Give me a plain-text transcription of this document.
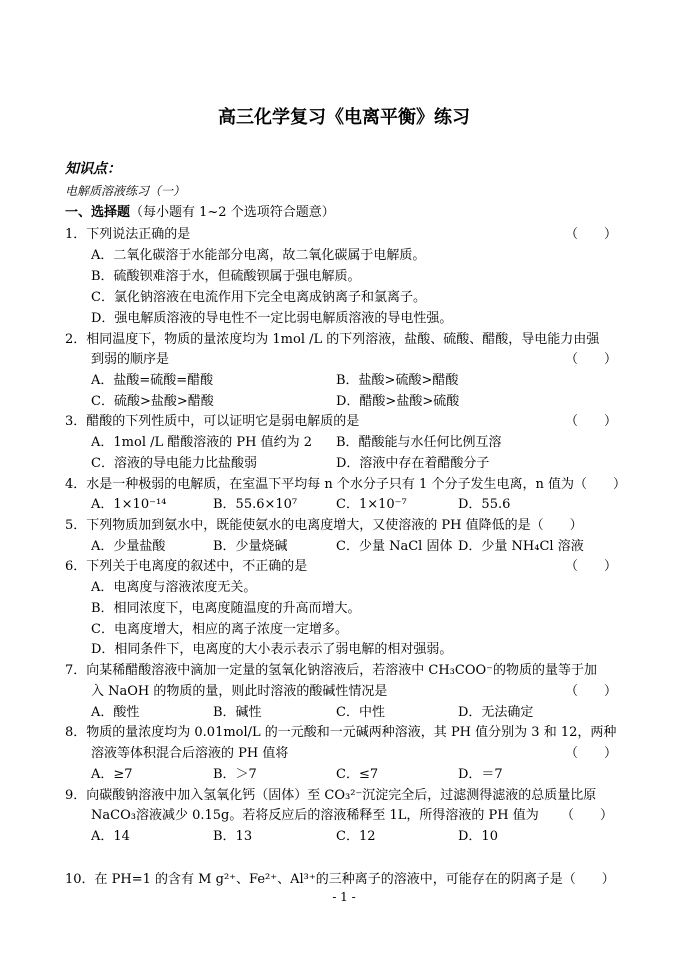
高三化学复习《电离平衡》练习
知识点：
电解质溶液练习（一）
一、选择题（每小题有 1~2 个选项符合题意）
1．下列说法正确的是	（　　）
A．二氧化碳溶于水能部分电离，故二氧化碳属于电解质。
B．硫酸钡难溶于水，但硫酸钡属于强电解质。
C．氯化钠溶液在电流作用下完全电离成钠离子和氯离子。
D．强电解质溶液的导电性不一定比弱电解质溶液的导电性强。
2．相同温度下，物质的量浓度均为 1mol /L 的下列溶液，盐酸、硫酸、醋酸，导电能力由强
到弱的顺序是	（　　）
A．盐酸=硫酸=醋酸	B．盐酸>硫酸>醋酸
C．硫酸>盐酸>醋酸	D．醋酸>盐酸>硫酸
3．醋酸的下列性质中，可以证明它是弱电解质的是	（　　）
A．1mol /L 醋酸溶液的 PH 值约为 2 B．醋酸能与水任何比例互溶
C．溶液的导电能力比盐酸弱	D．溶液中存在着醋酸分子
4．水是一种极弱的电解质，在室温下平均每 n 个水分子只有 1 个分子发生电离，n 值为（　　）
A．1×10⁻¹⁴	B．55.6×10⁷	C．1×10⁻⁷	D．55.6
5．下列物质加到氨水中，既能使氨水的电离度增大，又使溶液的 PH 值降低的是（　　）
A．少量盐酸	B．少量烧碱	C．少量 NaCl 固体 D．少量 NH₄Cl 溶液
6．下列关于电离度的叙述中，不正确的是	（　　）
A．电离度与溶液浓度无关。
B．相同浓度下，电离度随温度的升高而增大。
C．电离度增大，相应的离子浓度一定增多。
D．相同条件下，电离度的大小表示表示了弱电解的相对强弱。
7．向某稀醋酸溶液中滴加一定量的氢氧化钠溶液后，若溶液中 CH₃COO⁻的物质的量等于加
入 NaOH 的物质的量，则此时溶液的酸碱性情况是	（　　）
A．酸性	B．碱性	C．中性	D．无法确定
8．物质的量浓度均为 0.01mol/L 的一元酸和一元碱两种溶液，其 PH 值分别为 3 和 12，两种
溶液等体积混合后溶液的 PH 值将	（　　）
A．≥7	B．＞7	C．≤7	D．＝7
9．向碳酸钠溶液中加入氢氧化钙（固体）至 CO₃²⁻沉淀完全后，过滤测得滤液的总质量比原
NaCO₃溶液减少 0.15g。若将反应后的溶液稀释至 1L，所得溶液的 PH 值为 （　　）
A．14	B．13	C．12	D．10
10．在 PH=1 的含有 M g²⁺、Fe²⁺、Al³⁺的三种离子的溶液中，可能存在的阴离子是（　　）
- 1 -
